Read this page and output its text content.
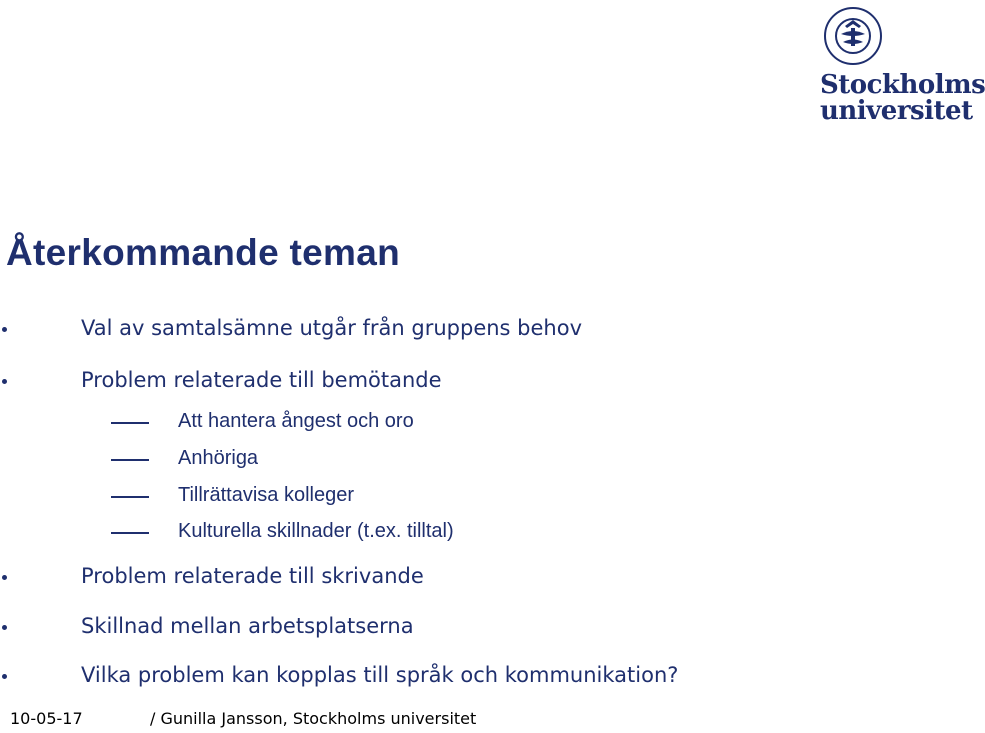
Stockholms
universitet
Återkommande teman
Val av samtalsämne utgår från gruppens behov
Problem relaterade till bemötande
Att hantera ångest och oro
Anhöriga
Tillrättavisa kolleger
Kulturella skillnader (t.ex. tilltal)
Problem relaterade till skrivande
Skillnad mellan arbetsplatserna
Vilka problem kan kopplas till språk och kommunikation?
10-05-17	/ Gunilla Jansson, Stockholms universitet
